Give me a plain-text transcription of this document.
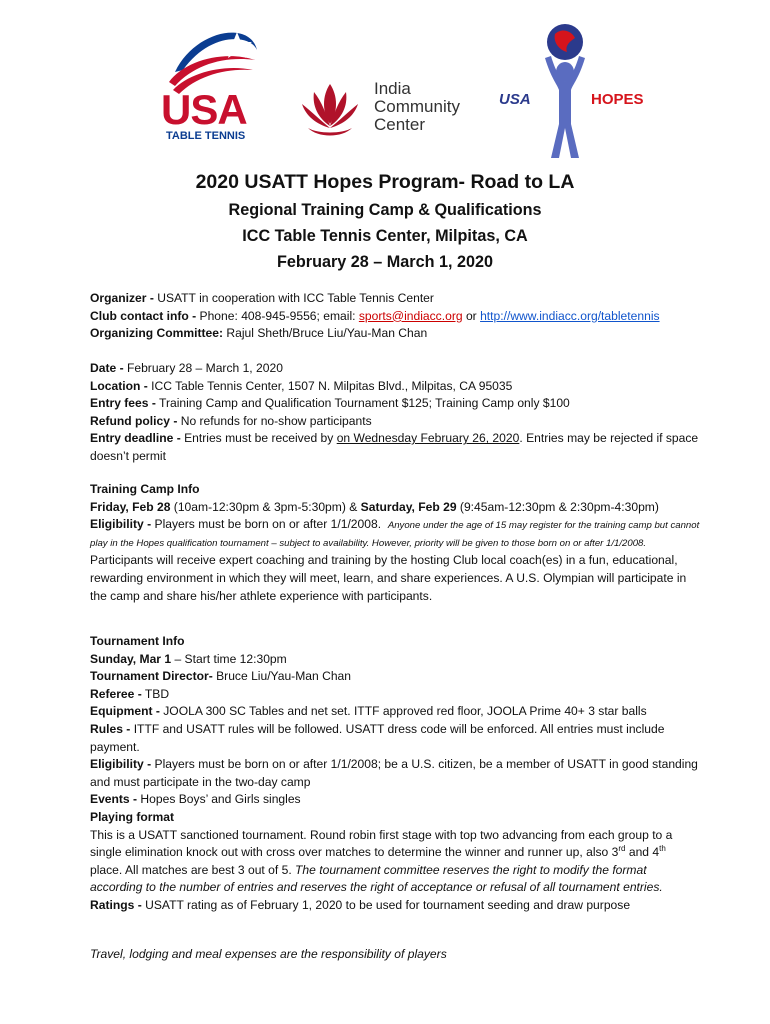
USA
TABLE TENNIS
India
Community
Center
USA	HOPES
2020 USATT Hopes Program- Road to LA
Regional Training Camp & Qualifications
ICC Table Tennis Center, Milpitas, CA
February 28 – March 1, 2020

Organizer - USATT in cooperation with ICC Table Tennis Center

Club contact info - Phone: 408-945-9556; email: sports@indiacc.org or http://www.indiacc.org/tabletennis

Organizing Committee: Rajul Sheth/Bruce Liu/Yau-Man Chan

Date - February 28 – March 1, 2020

Location - ICC Table Tennis Center, 1507 N. Milpitas Blvd., Milpitas, CA 95035

Entry fees - Training Camp and Qualification Tournament $125; Training Camp only $100

Refund policy - No refunds for no-show participants

Entry deadline - Entries must be received by on Wednesday February 26, 2020. Entries may be rejected if space doesn’t permit

Training Camp Info

Friday, Feb 28 (10am-12:30pm & 3pm-5:30pm) & Saturday, Feb 29 (9:45am-12:30pm & 2:30pm-4:30pm)

Eligibility - Players must be born on or after 1/1/2008. Anyone under the age of 15 may register for the training camp but cannot play in the Hopes qualification tournament – subject to availability. However, priority will be given to those born on or after 1/1/2008.

Participants will receive expert coaching and training by the hosting Club local coach(es) in a fun, educational, rewarding environment in which they will meet, learn, and share experiences. A U.S. Olympian will participate in the camp and share his/her athlete experience with participants.

Tournament Info

Sunday, Mar 1 – Start time 12:30pm

Tournament Director- Bruce Liu/Yau-Man Chan

Referee - TBD

Equipment - JOOLA 300 SC Tables and net set. ITTF approved red floor, JOOLA Prime 40+ 3 star balls

Rules - ITTF and USATT rules will be followed. USATT dress code will be enforced. All entries must include payment.

Eligibility - Players must be born on or after 1/1/2008; be a U.S. citizen, be a member of USATT in good standing and must participate in the two-day camp

Events - Hopes Boys’ and Girls singles

Playing format

This is a USATT sanctioned tournament. Round robin first stage with top two advancing from each group to a single elimination knock out with cross over matches to determine the winner and runner up, also 3rd and 4th place. All matches are best 3 out of 5. The tournament committee reserves the right to modify the format according to the number of entries and reserves the right of acceptance or refusal of all tournament entries.

Ratings - USATT rating as of February 1, 2020 to be used for tournament seeding and draw purpose

Travel, lodging and meal expenses are the responsibility of players
